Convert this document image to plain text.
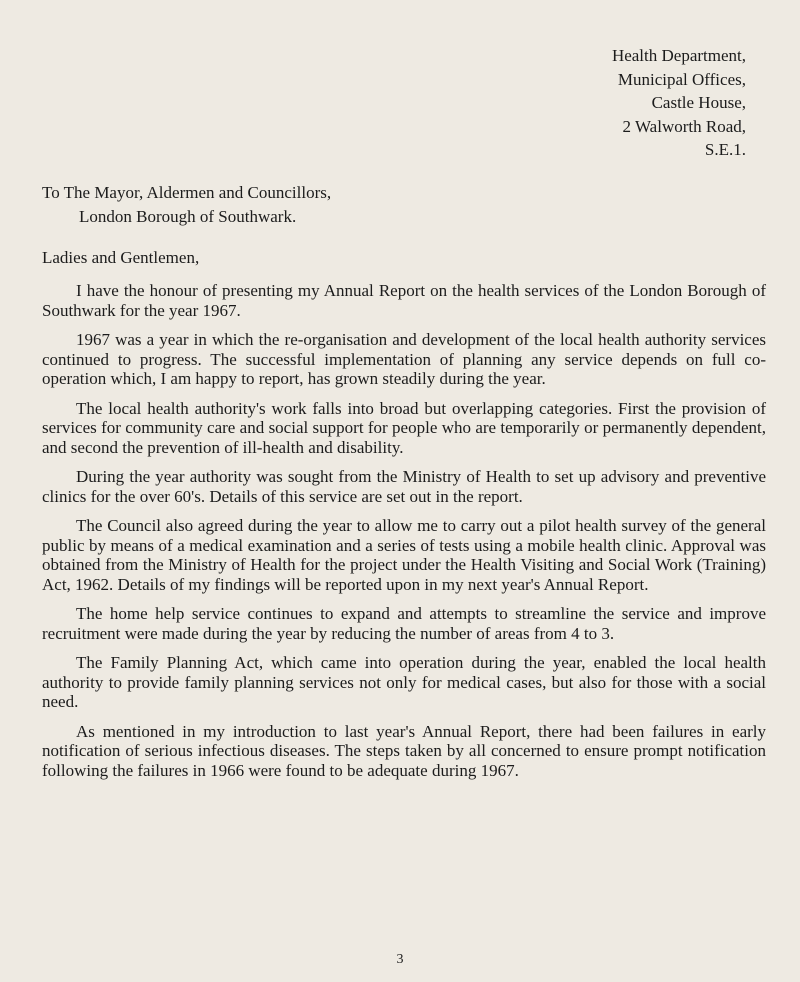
Health Department,
Municipal Offices,
Castle House,
2 Walworth Road,
S.E.1.
To The Mayor, Aldermen and Councillors,
London Borough of Southwark.
Ladies and Gentlemen,

I have the honour of presenting my Annual Report on the health services of the London Borough of Southwark for the year 1967.

1967 was a year in which the re-organisation and development of the local health authority services continued to progress. The successful implementation of planning any service depends on full co-operation which, I am happy to report, has grown steadily during the year.

The local health authority's work falls into broad but overlapping categories. First the provision of services for community care and social support for people who are temporarily or permanently dependent, and second the prevention of ill-health and disability.

During the year authority was sought from the Ministry of Health to set up advisory and preventive clinics for the over 60's. Details of this service are set out in the report.

The Council also agreed during the year to allow me to carry out a pilot health survey of the general public by means of a medical examination and a series of tests using a mobile health clinic. Approval was obtained from the Ministry of Health for the project under the Health Visiting and Social Work (Training) Act, 1962. Details of my findings will be reported upon in my next year's Annual Report.

The home help service continues to expand and attempts to streamline the service and improve recruitment were made during the year by reducing the number of areas from 4 to 3.

The Family Planning Act, which came into operation during the year, enabled the local health authority to provide family planning services not only for medical cases, but also for those with a social need.

As mentioned in my introduction to last year's Annual Report, there had been failures in early notification of serious infectious diseases. The steps taken by all concerned to ensure prompt notification following the failures in 1966 were found to be adequate during 1967.

3
